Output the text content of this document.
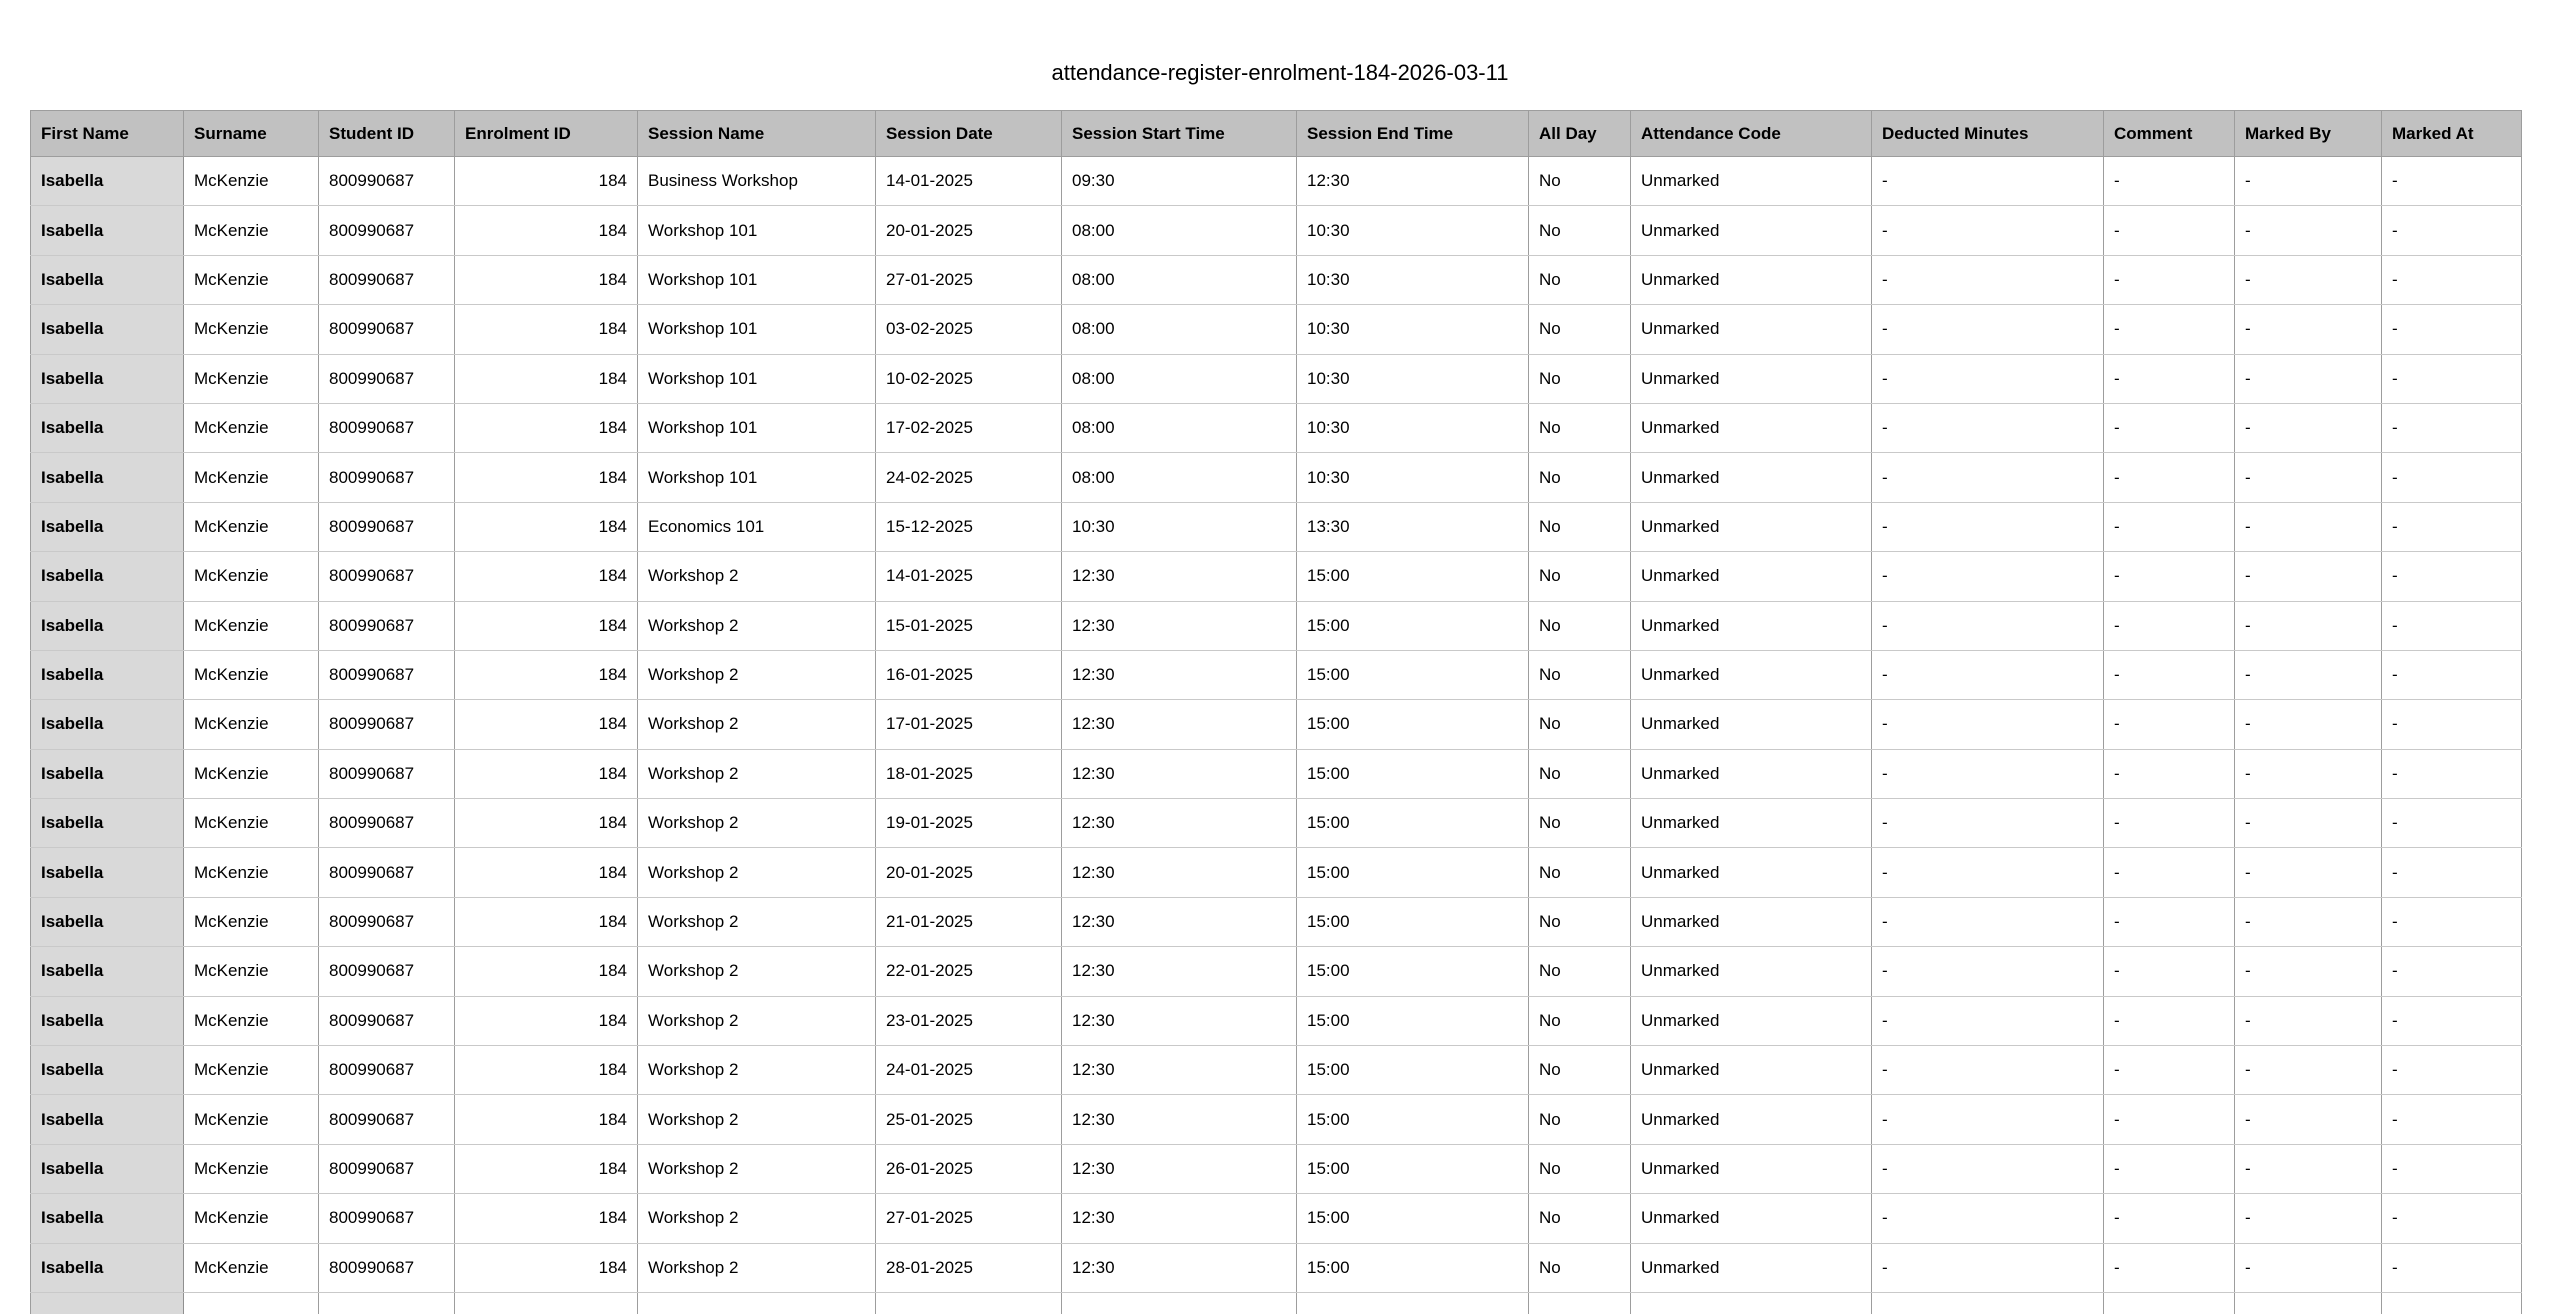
attendance-register-enrolment-184-2026-03-11
First Name	Surname	Student ID	Enrolment ID	Session Name	Session Date	Session Start Time	Session End Time	All Day	Attendance Code	Deducted Minutes	Comment	Marked By	Marked At
Isabella	McKenzie	800990687	184	Business Workshop	14-01-2025	09:30	12:30	No	Unmarked	-	-	-	-
Isabella	McKenzie	800990687	184	Workshop 101	20-01-2025	08:00	10:30	No	Unmarked	-	-	-	-
Isabella	McKenzie	800990687	184	Workshop 101	27-01-2025	08:00	10:30	No	Unmarked	-	-	-	-
Isabella	McKenzie	800990687	184	Workshop 101	03-02-2025	08:00	10:30	No	Unmarked	-	-	-	-
Isabella	McKenzie	800990687	184	Workshop 101	10-02-2025	08:00	10:30	No	Unmarked	-	-	-	-
Isabella	McKenzie	800990687	184	Workshop 101	17-02-2025	08:00	10:30	No	Unmarked	-	-	-	-
Isabella	McKenzie	800990687	184	Workshop 101	24-02-2025	08:00	10:30	No	Unmarked	-	-	-	-
Isabella	McKenzie	800990687	184	Economics 101	15-12-2025	10:30	13:30	No	Unmarked	-	-	-	-
Isabella	McKenzie	800990687	184	Workshop 2	14-01-2025	12:30	15:00	No	Unmarked	-	-	-	-
Isabella	McKenzie	800990687	184	Workshop 2	15-01-2025	12:30	15:00	No	Unmarked	-	-	-	-
Isabella	McKenzie	800990687	184	Workshop 2	16-01-2025	12:30	15:00	No	Unmarked	-	-	-	-
Isabella	McKenzie	800990687	184	Workshop 2	17-01-2025	12:30	15:00	No	Unmarked	-	-	-	-
Isabella	McKenzie	800990687	184	Workshop 2	18-01-2025	12:30	15:00	No	Unmarked	-	-	-	-
Isabella	McKenzie	800990687	184	Workshop 2	19-01-2025	12:30	15:00	No	Unmarked	-	-	-	-
Isabella	McKenzie	800990687	184	Workshop 2	20-01-2025	12:30	15:00	No	Unmarked	-	-	-	-
Isabella	McKenzie	800990687	184	Workshop 2	21-01-2025	12:30	15:00	No	Unmarked	-	-	-	-
Isabella	McKenzie	800990687	184	Workshop 2	22-01-2025	12:30	15:00	No	Unmarked	-	-	-	-
Isabella	McKenzie	800990687	184	Workshop 2	23-01-2025	12:30	15:00	No	Unmarked	-	-	-	-
Isabella	McKenzie	800990687	184	Workshop 2	24-01-2025	12:30	15:00	No	Unmarked	-	-	-	-
Isabella	McKenzie	800990687	184	Workshop 2	25-01-2025	12:30	15:00	No	Unmarked	-	-	-	-
Isabella	McKenzie	800990687	184	Workshop 2	26-01-2025	12:30	15:00	No	Unmarked	-	-	-	-
Isabella	McKenzie	800990687	184	Workshop 2	27-01-2025	12:30	15:00	No	Unmarked	-	-	-	-
Isabella	McKenzie	800990687	184	Workshop 2	28-01-2025	12:30	15:00	No	Unmarked	-	-	-	-
